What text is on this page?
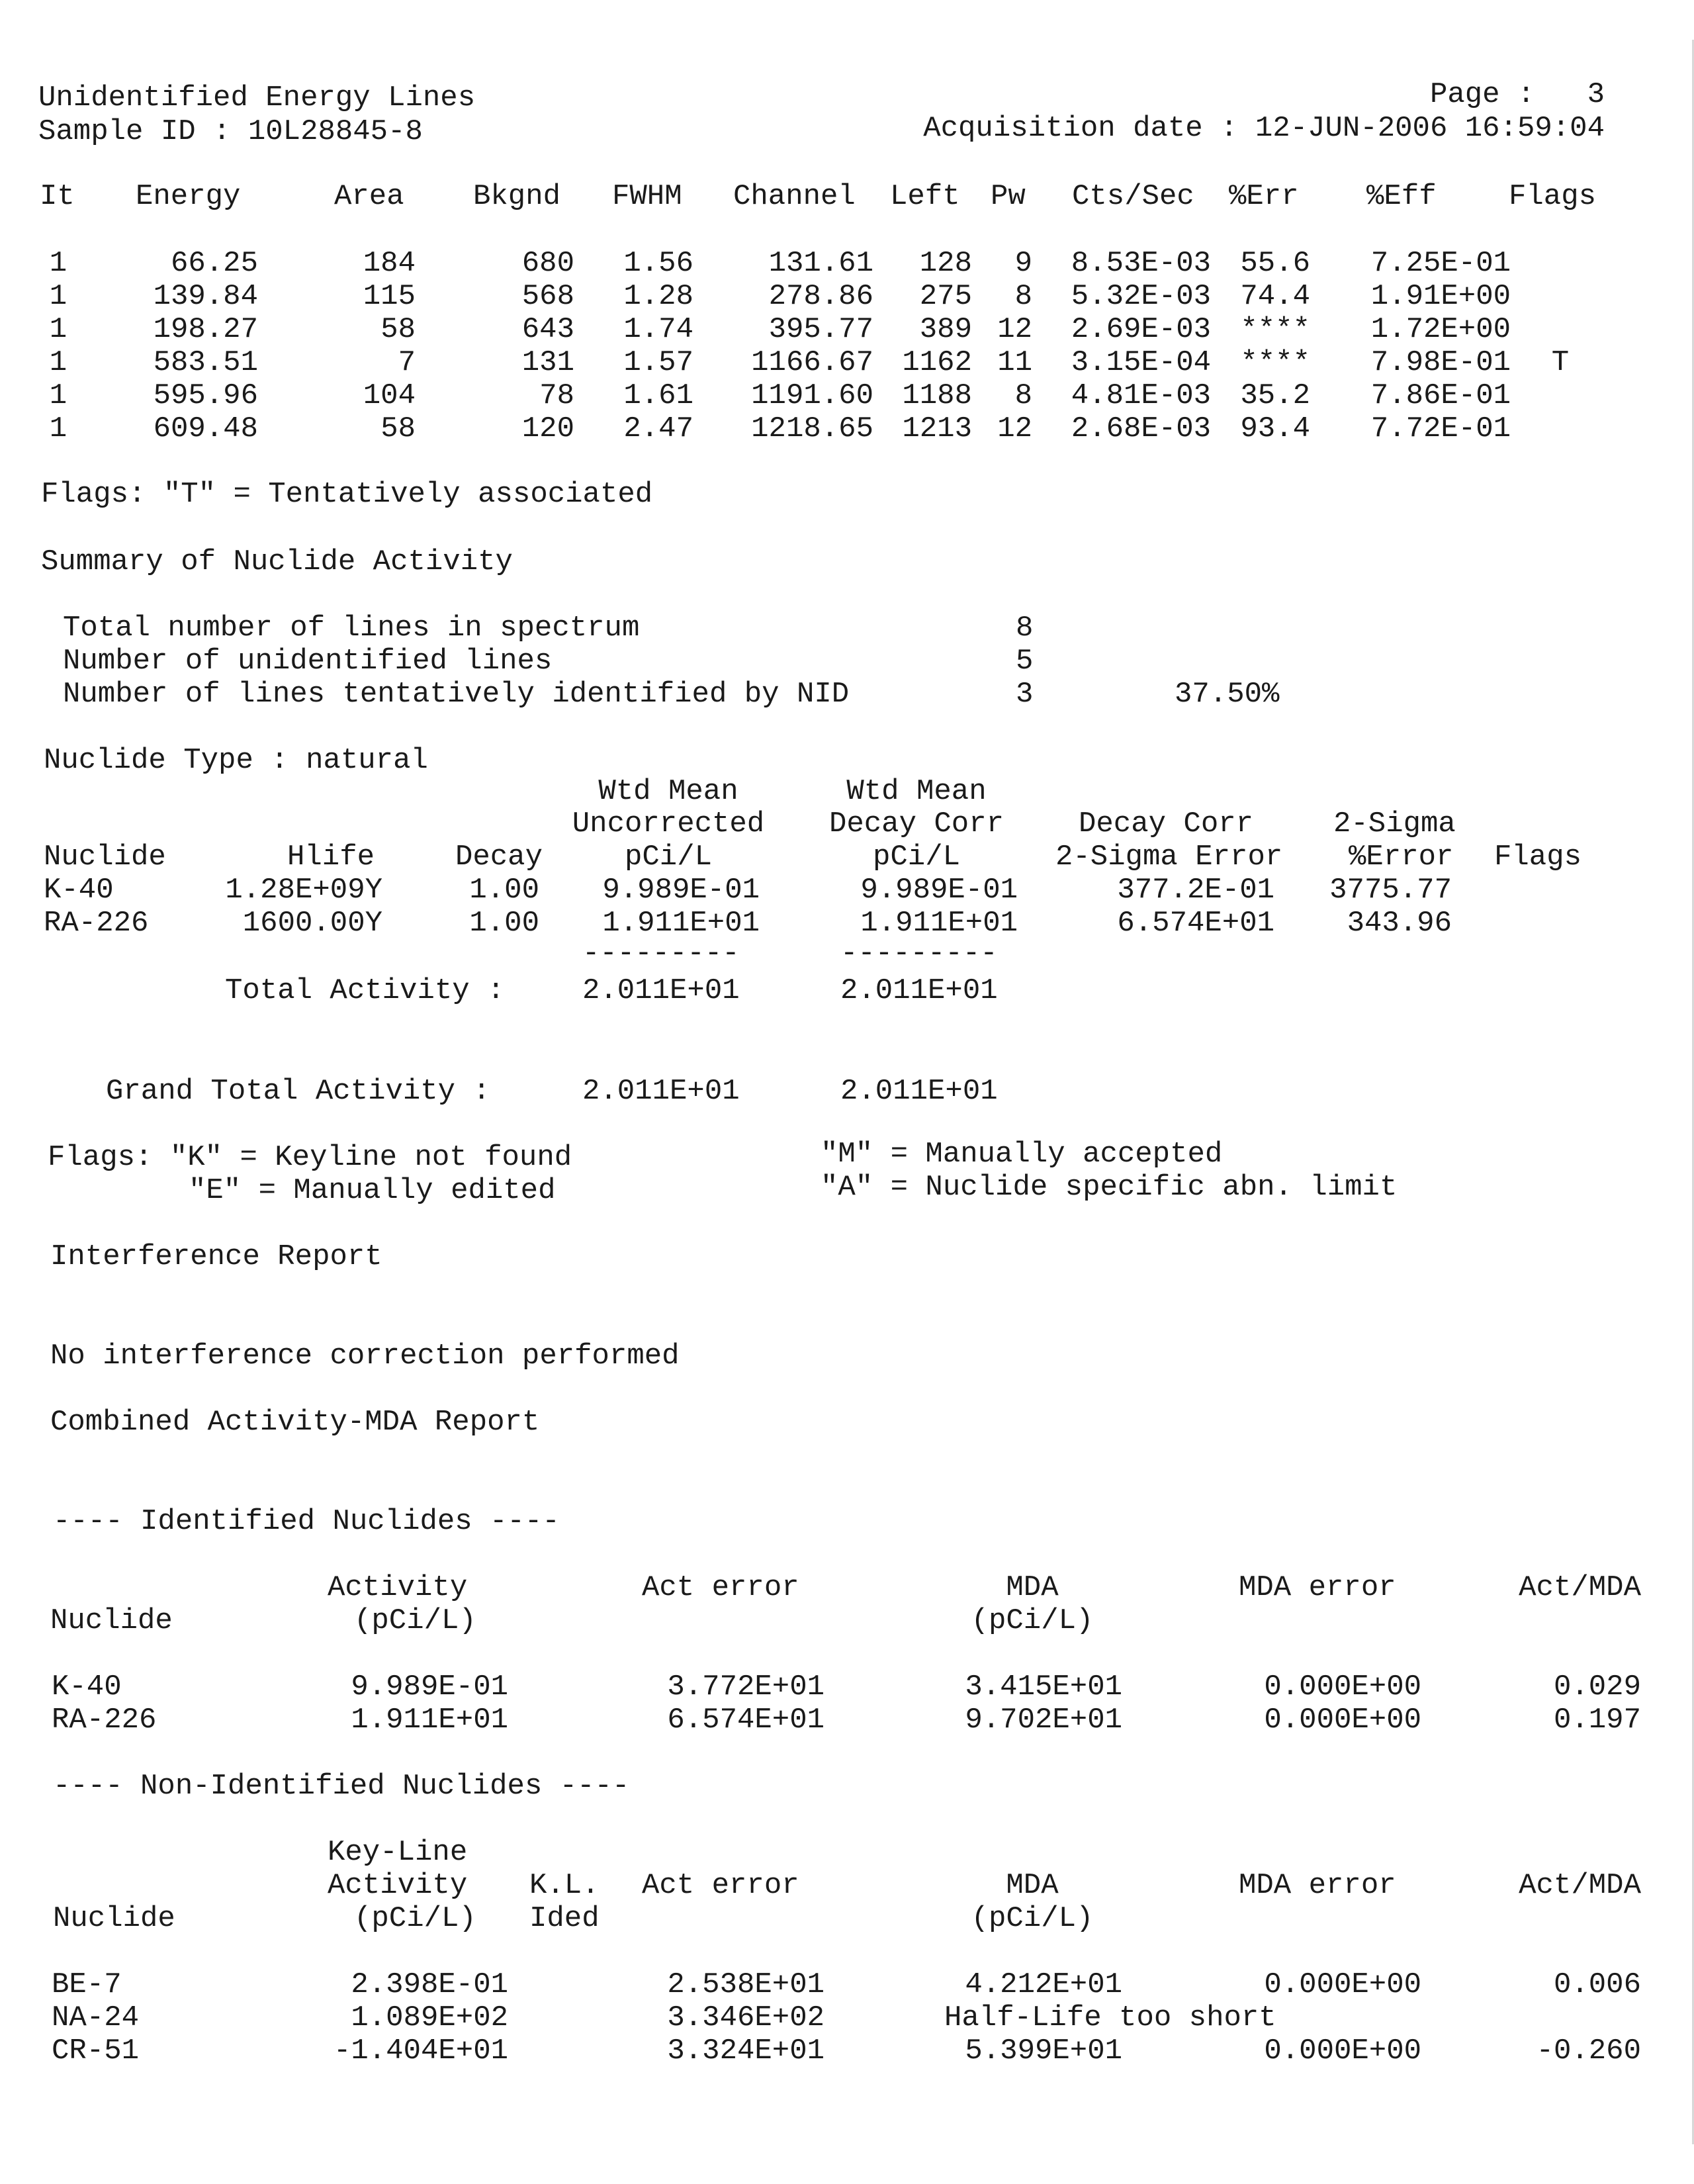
Unidentified Energy Lines
Sample ID : 10L28845-8
Page :   3
Acquisition date : 12-JUN-2006 16:59:04
It Energy	Area Bkgnd FWHM Channel Left Pw Cts/Sec %Err %Eff Flags
1	66.25	184	680	1.56	131.61	128	9	8.53E-03	55.6	7.25E-01
1	139.84	115	568	1.28	278.86	275	8	5.32E-03	74.4	1.91E+00
1	198.27	58	643	1.74	395.77	389 12	2.69E-03	****	1.72E+00
1	583.51	7	131	1.57	1166.67 1162 11	3.15E-04	****	7.98E-01	T
1	595.96	104	78	1.61	1191.60 1188	8	4.81E-03	35.2	7.86E-01
1	609.48	58	120	2.47	1218.65 1213 12	2.68E-03	93.4	7.72E-01
Flags: "T" = Tentatively associated
Summary of Nuclide Activity
Total number of lines in spectrum	8
Number of unidentified lines	5
Number of lines tentatively identified by NID	3	37.50%
Nuclide Type : natural
Wtd Mean	Wtd Mean
Uncorrected	Decay Corr	Decay Corr	2-Sigma
Nuclide	Hlife	Decay	pCi/L	pCi/L	2-Sigma Error %Error Flags
K-40	1.28E+09Y	1.00	9.989E-01	9.989E-01	377.2E-01	3775.77
RA-226	1600.00Y	1.00	1.911E+01	1.911E+01	6.574E+01	343.96
---------	---------
Total Activity :	2.011E+01	2.011E+01
Grand Total Activity :	2.011E+01	2.011E+01
Flags: "K" = Keyline not found
"E" = Manually edited
"M" = Manually accepted
"A" = Nuclide specific abn. limit
Interference Report
No interference correction performed
Combined Activity-MDA Report
---- Identified Nuclides ----
Activity	Act error	MDA	MDA error	Act/MDA
Nuclide	(pCi/L)	(pCi/L)
K-40	9.989E-01	3.772E+01	3.415E+01	0.000E+00	0.029
RA-226	1.911E+01	6.574E+01	9.702E+01	0.000E+00	0.197
---- Non-Identified Nuclides ----
Key-Line
Activity K.L. Act error	MDA	MDA error	Act/MDA
Nuclide	(pCi/L) Ided	(pCi/L)
BE-7	2.398E-01	2.538E+01	4.212E+01	0.000E+00	0.006
NA-24	1.089E+02	3.346E+02	Half-Life too short
CR-51	-1.404E+01	3.324E+01	5.399E+01	0.000E+00	-0.260
